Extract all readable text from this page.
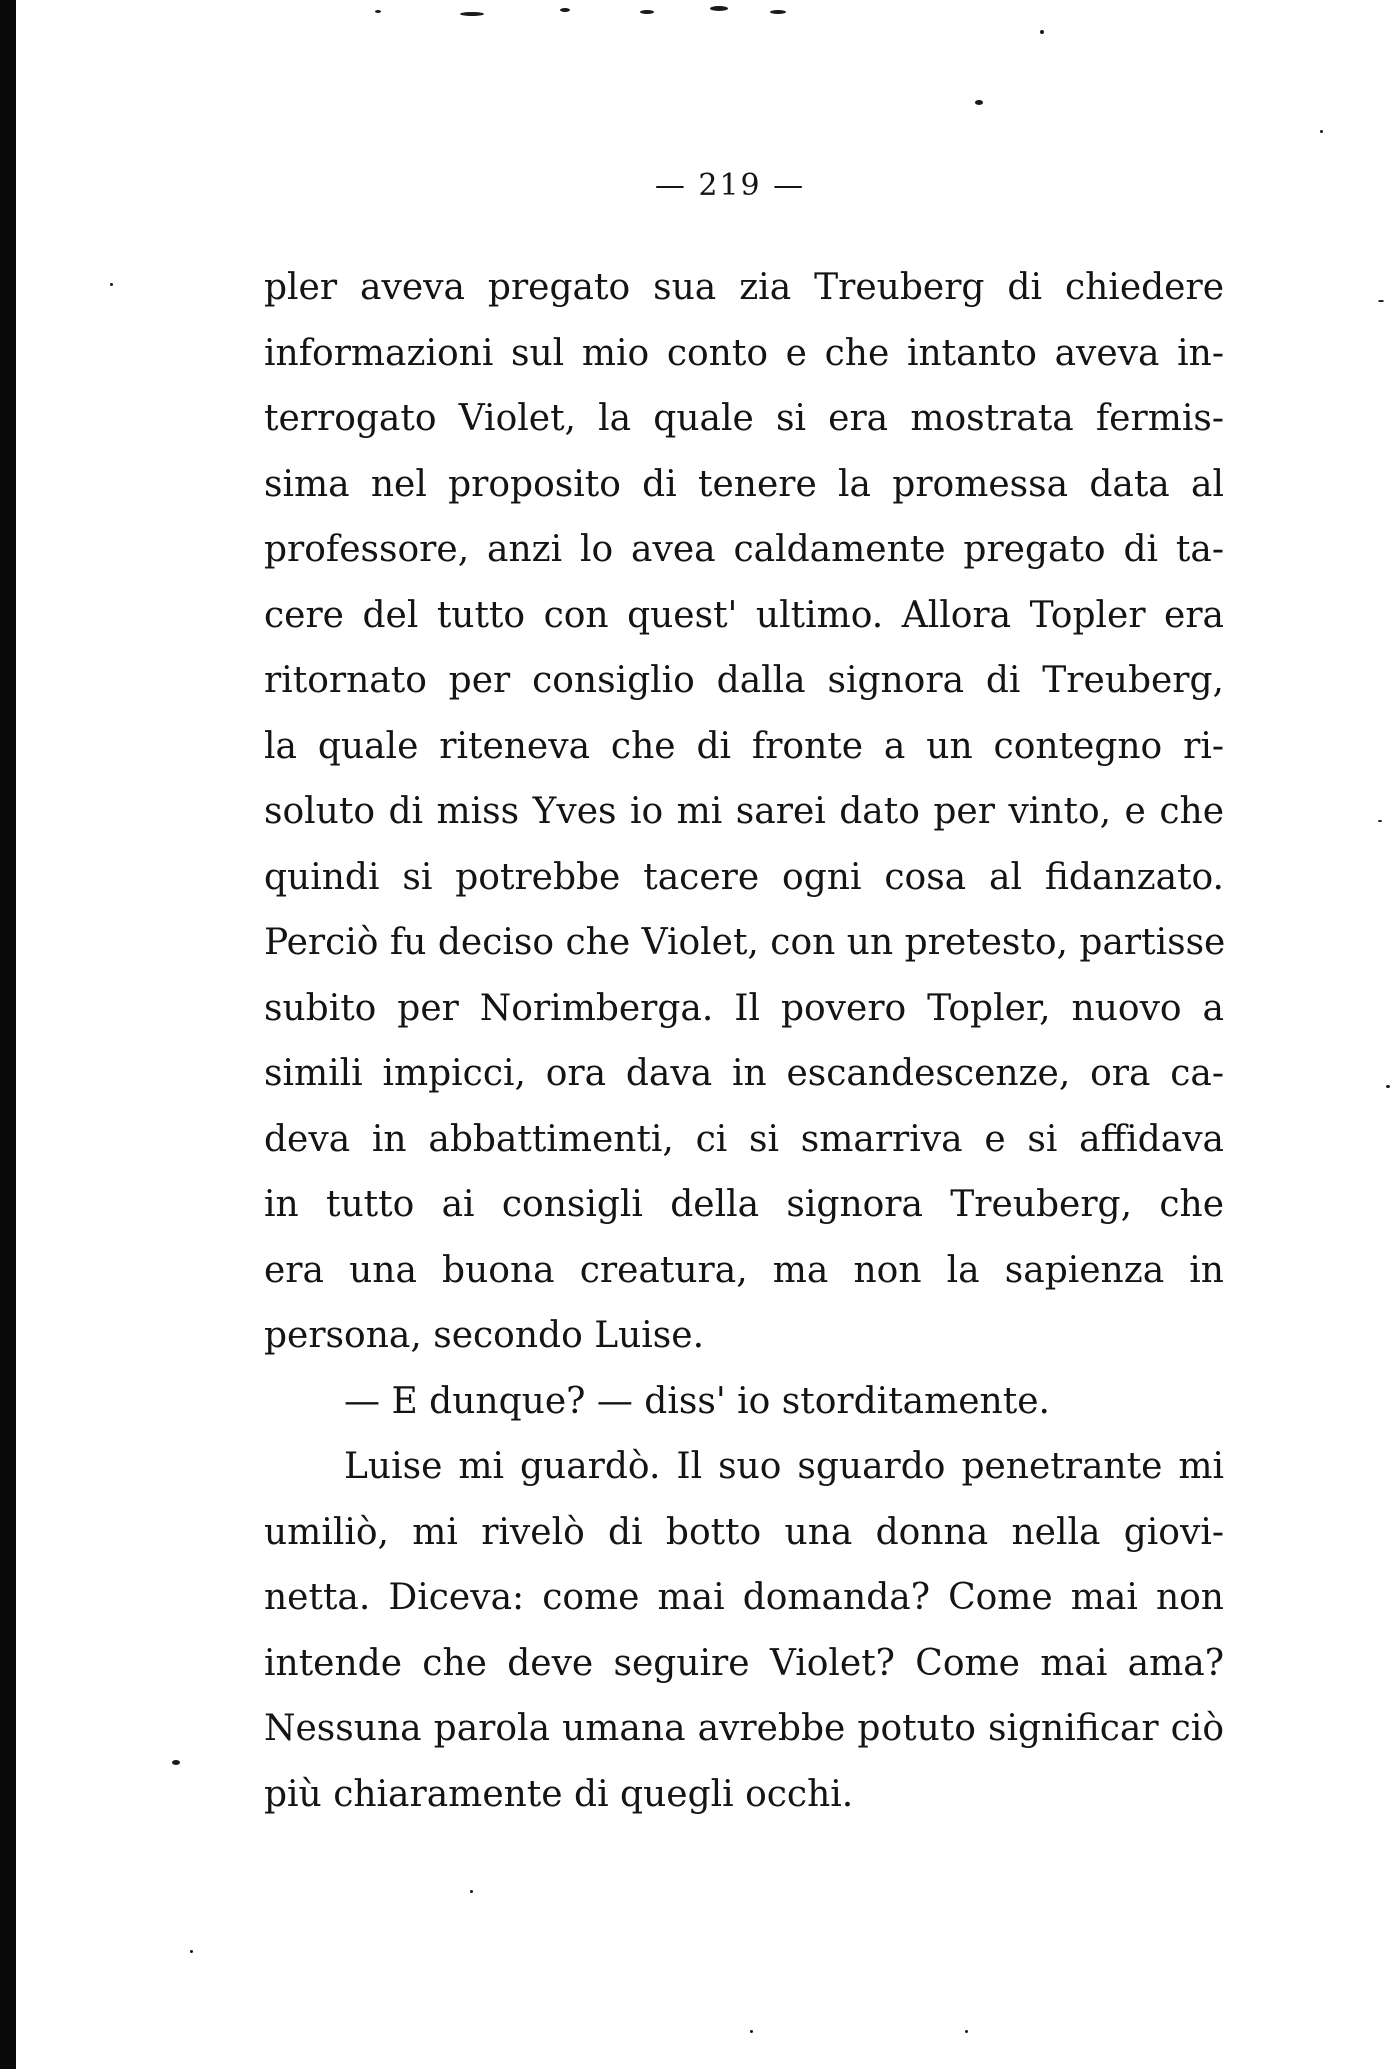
— 219 —
pler aveva pregato sua zia Treuberg di chiedere
informazioni sul mio conto e che intanto aveva in-
terrogato Violet, la quale si era mostrata fermis-
sima nel proposito di tenere la promessa data al
professore, anzi lo avea caldamente pregato di ta-
cere del tutto con quest' ultimo. Allora Topler era
ritornato per consiglio dalla signora di Treuberg,
la quale riteneva che di fronte a un contegno ri-
soluto di miss Yves io mi sarei dato per vinto, e che
quindi si potrebbe tacere ogni cosa al fidanzato.
Perciò fu deciso che Violet, con un pretesto, partisse
subito per Norimberga. Il povero Topler, nuovo a
simili impicci, ora dava in escandescenze, ora ca-
deva in abbattimenti, ci si smarriva e si affidava
in tutto ai consigli della signora Treuberg, che
era una buona creatura, ma non la sapienza in
persona, secondo Luise.
— E dunque? — diss' io storditamente.
Luise mi guardò. Il suo sguardo penetrante mi
umiliò, mi rivelò di botto una donna nella giovi-
netta. Diceva: come mai domanda? Come mai non
intende che deve seguire Violet? Come mai ama?
Nessuna parola umana avrebbe potuto significar ciò
più chiaramente di quegli occhi.
